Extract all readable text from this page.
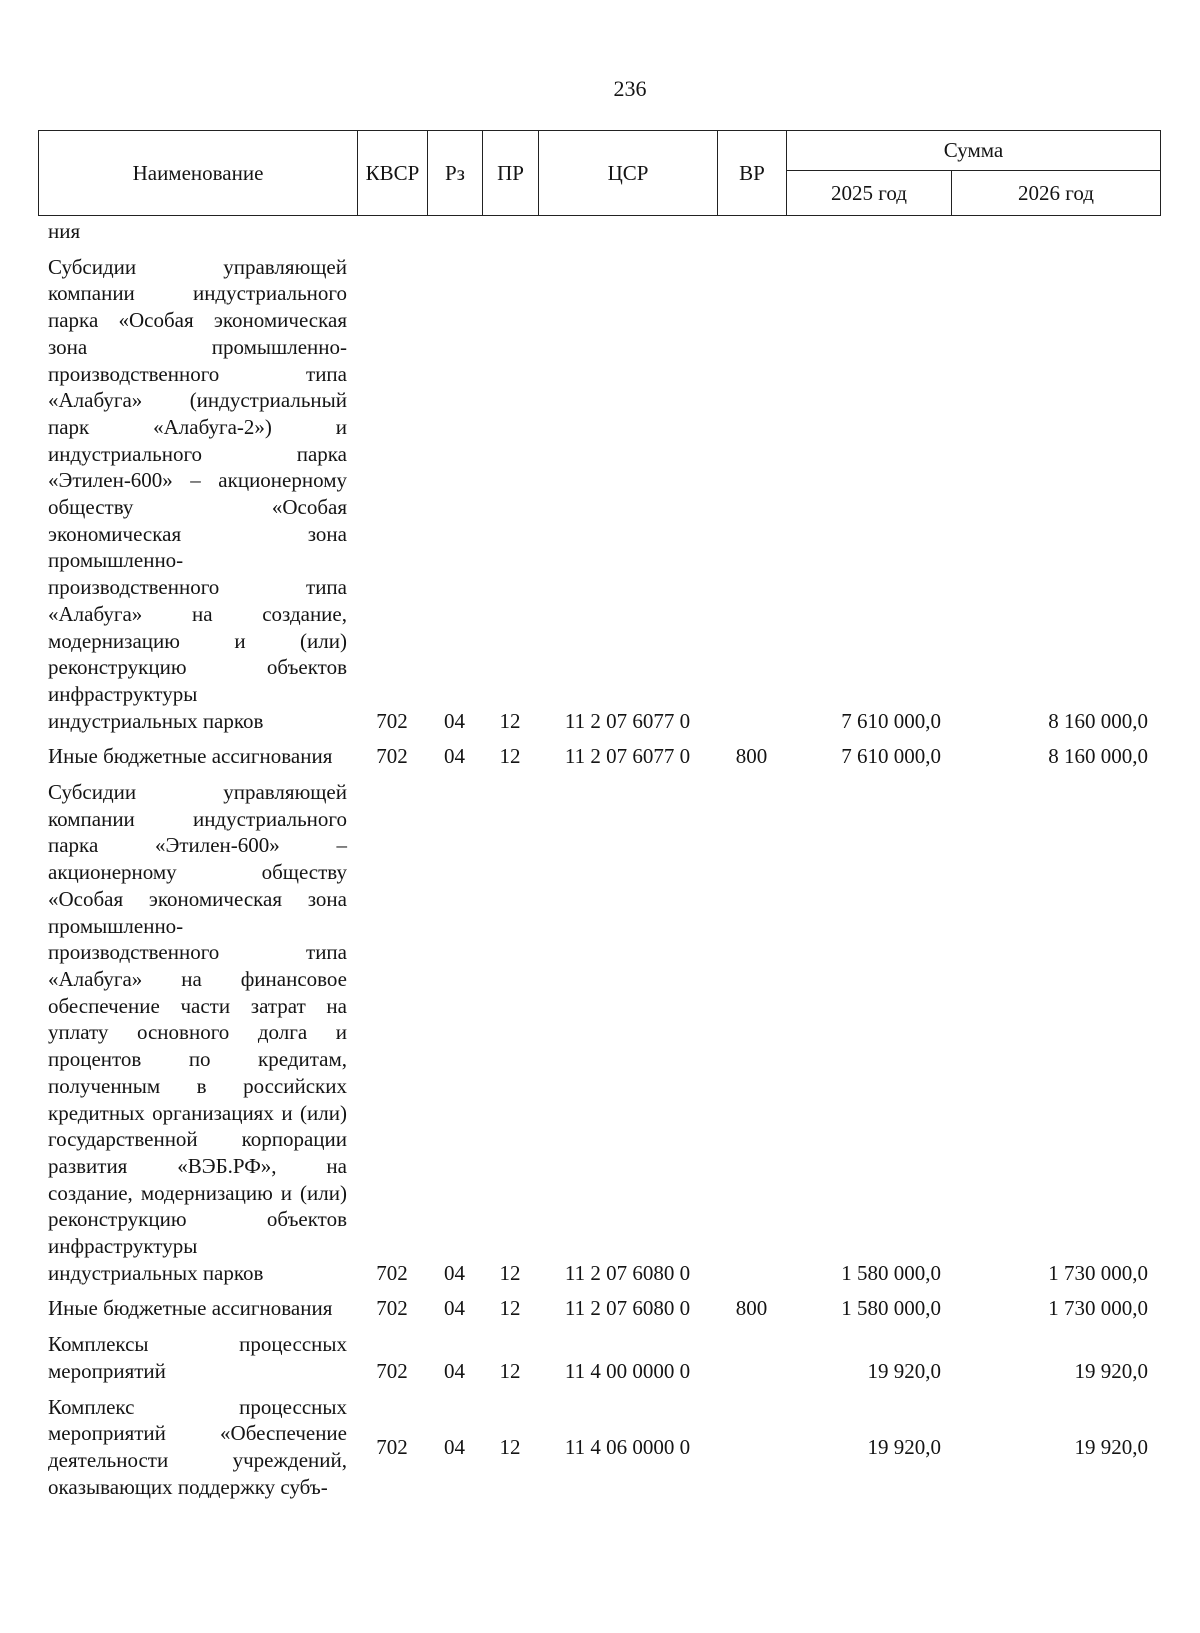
236
Наименование	КВСР	Рз	ПР	ЦСР	ВР	Сумма	
						2025 год	2026 год
ния							
Субсидии управляющей компании индустриального парка «Особая экономическая зона промышленно-производственного типа «Алабуга» (индустриальный парк «Алабуга-2») и индустриального парка «Этилен-600» – акционерному обществу «Особая экономическая зона промышленно-производственного типа «Алабуга» на создание, модернизацию и (или) реконструкцию объектов инфраструктуры индустриальных парков	702	04	12	11 2 07 6077 0		7 610 000,0	8 160 000,0
Иные бюджетные ассигнования	702	04	12	11 2 07 6077 0	800	7 610 000,0	8 160 000,0
Субсидии управляющей компании индустриального парка «Этилен-600» – акционерному обществу «Особая экономическая зона промышленно-производственного типа «Алабуга» на финансовое обеспечение части затрат на уплату основного долга и процентов по кредитам, полученным в российских кредитных организациях и (или) государственной корпорации развития «ВЭБ.РФ», на создание, модернизацию и (или) реконструкцию объектов инфраструктуры индустриальных парков	702	04	12	11 2 07 6080 0		1 580 000,0	1 730 000,0
Иные бюджетные ассигнования	702	04	12	11 2 07 6080 0	800	1 580 000,0	1 730 000,0
Комплексы процессных мероприятий	702	04	12	11 4 00 0000 0		19 920,0	19 920,0
Комплекс процессных мероприятий «Обеспечение деятельности учреждений, оказывающих поддержку субъ-	702	04	12	11 4 06 0000 0		19 920,0	19 920,0
